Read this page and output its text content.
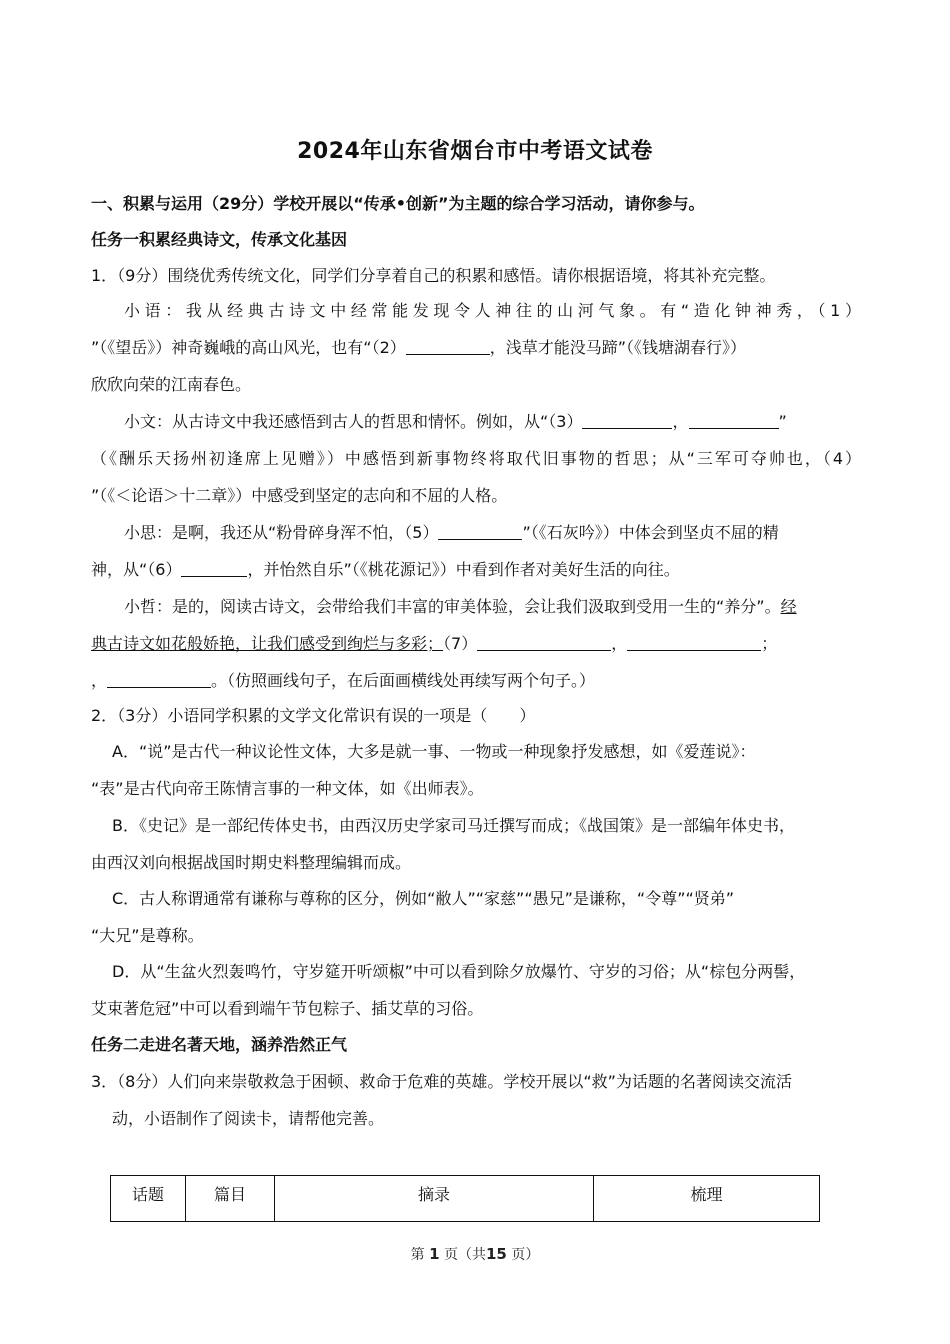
2024年山东省烟台市中考语文试卷
一、积累与运用（29分）学校开展以“传承•创新”为主题的综合学习活动，请你参与。
任务一积累经典诗文，传承文化基因
1．（9分）围绕优秀传统文化，同学们分享着自己的积累和感悟。请你根据语境，将其补充完整。
小语：我从经典古诗文中经常能发现令人神往的山河气象。有“造化钟神秀，（1）
”（《望岳》）神奇巍峨的高山风光，也有“（2）	，浅草才能没马蹄”（《钱塘湖春行》）
欣欣向荣的江南春色。
小文：从古诗文中我还感悟到古人的哲思和情怀。例如，从“（3）	，	”
（《酬乐天扬州初逢席上见赠》）中感悟到新事物终将取代旧事物的哲思；从“三军可夺帅也，（4）
”（《＜论语＞十二章》）中感受到坚定的志向和不屈的人格。
小思：是啊，我还从“粉骨碎身浑不怕，（5）	”（《石灰吟》）中体会到坚贞不屈的精
神，从“（6）	，并怡然自乐”（《桃花源记》）中看到作者对美好生活的向往。
小哲：是的，阅读古诗文，会带给我们丰富的审美体验，会让我们汲取到受用一生的“养分”。经
典古诗文如花般娇艳，让我们感受到绚烂与多彩；（7）	，	；
，	。（仿照画线句子，在后面画横线处再续写两个句子。）
2．（3分）小语同学积累的文学文化常识有误的一项是（　　）
A．“说”是古代一种议论性文体，大多是就一事、一物或一种现象抒发感想，如《爱莲说》：
“表”是古代向帝王陈情言事的一种文体，如《出师表》。
B．《史记》是一部纪传体史书，由西汉历史学家司马迁撰写而成；《战国策》是一部编年体史书，
由西汉刘向根据战国时期史料整理编辑而成。
C．古人称谓通常有谦称与尊称的区分，例如“敝人”“家慈”“愚兄”是谦称，“令尊”“贤弟”
“大兄”是尊称。
D．从“生盆火烈轰鸣竹，守岁筵开听颂椒”中可以看到除夕放爆竹、守岁的习俗；从“棕包分两髻，
艾束著危冠”中可以看到端午节包粽子、插艾草的习俗。
任务二走进名著天地，涵养浩然正气
3．（8分）人们向来崇敬救急于困顿、救命于危难的英雄。学校开展以“救”为话题的名著阅读交流活
动，小语制作了阅读卡，请帮他完善。
话题	篇目	摘录	梳理
第 1 页（共15 页）
